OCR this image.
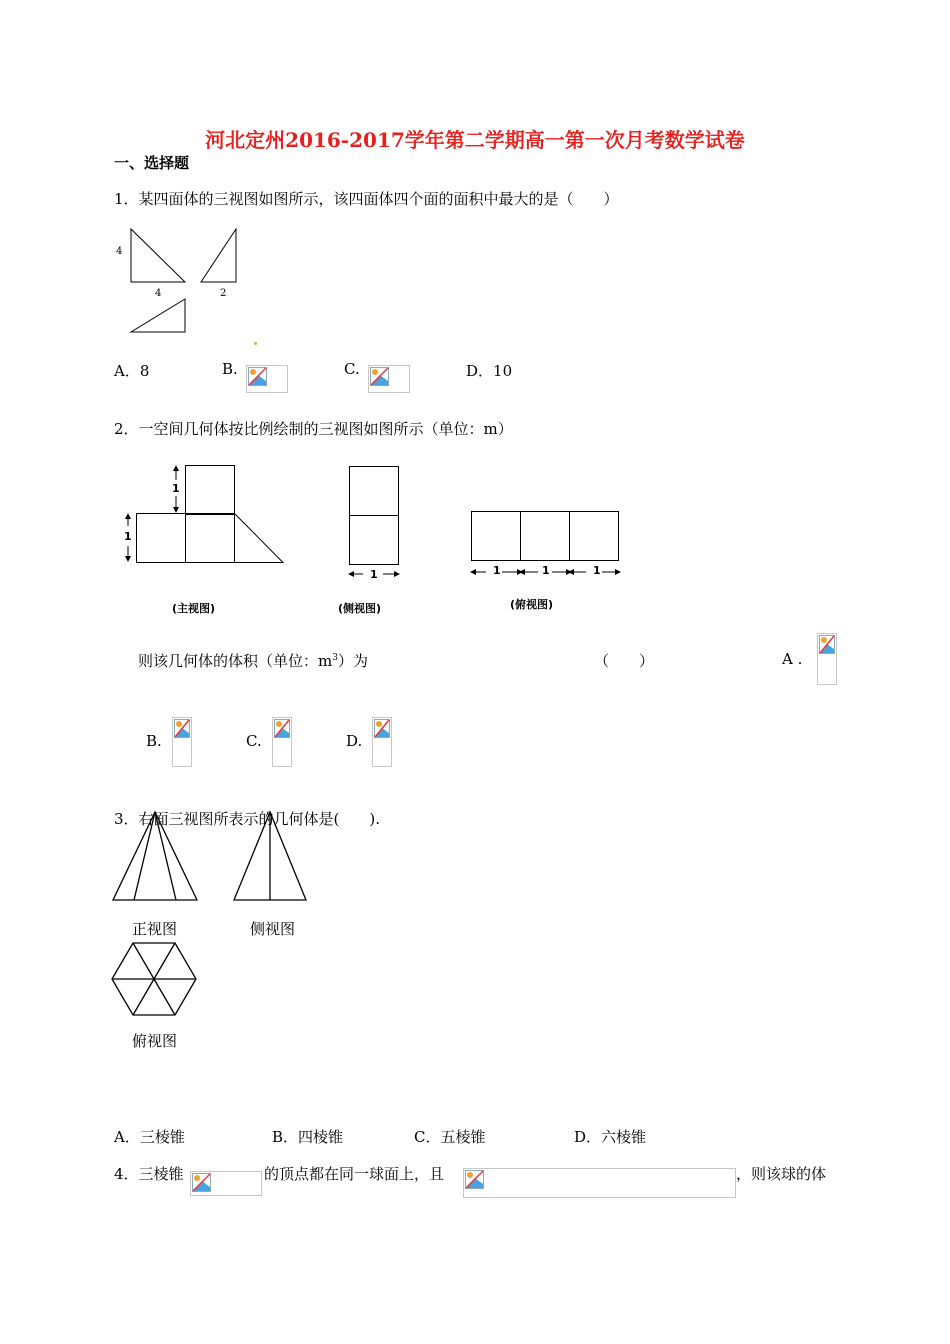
河北定州2016-2017学年第二学期高一第一次月考数学试卷
一、选择题
1．某四面体的三视图如图所示，该四面体四个面的面积中最大的是（　　）
4
4	2
A．8	B.	C.	D．10
2．一空间几何体按比例绘制的三视图如图所示（单位：m）
1
1
(主视图)
1
(侧视图)
1	1	1
(俯视图)
则该几何体的体积（单位：$m^3$）为	（　　）	A .
B.	C.	D.
3．右面三视图所表示的几何体是(　　).
正视图	侧视图
俯视图
A．三棱锥	B．四棱锥	C．五棱锥	D．六棱锥
4．三棱锥	的顶点都在同一球面上，且	，则该球的体
